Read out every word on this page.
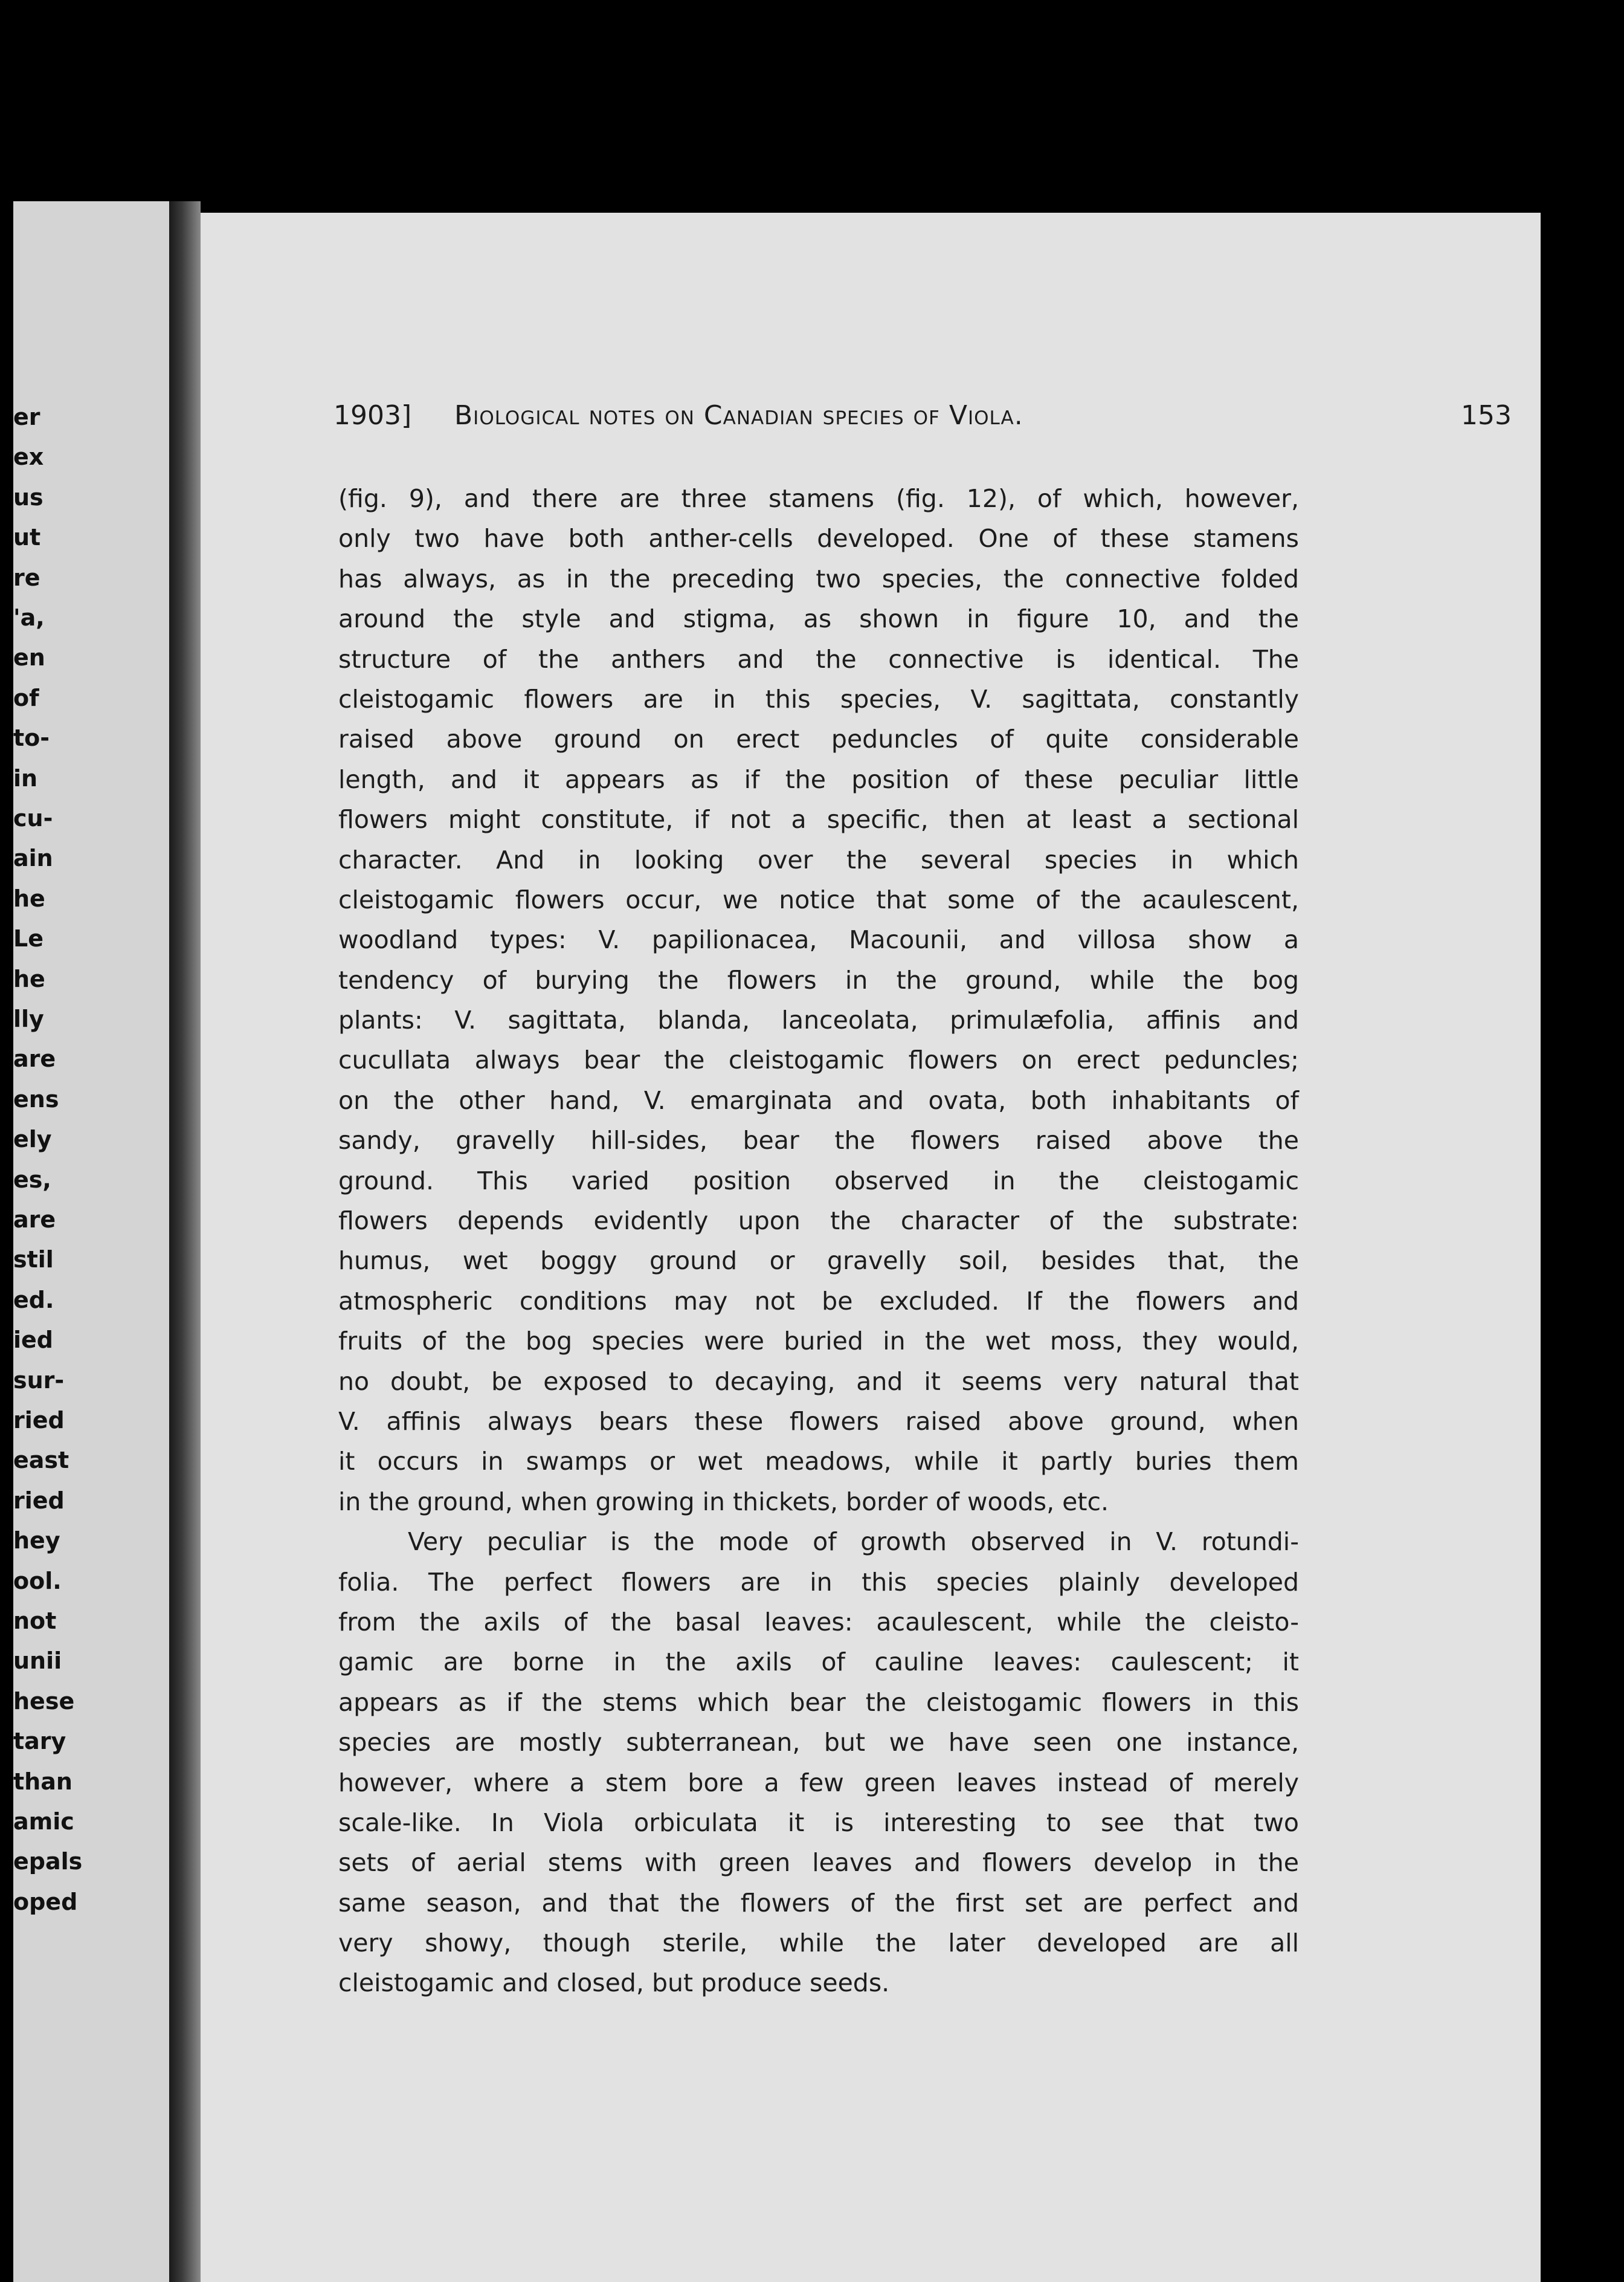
er
ex
us
ut
re
'a,
en
of
to-
in
cu-
ain
he
Le
he
lly
are
ens
ely
es,
are
stil
ed.
ied
sur-
ried
east
ried
hey
ool.
not
unii
hese
tary
than
amic
epals
oped
1903] Biological notes on Canadian species of Viola.	153
(fig. 9), and there are three stamens (fig. 12), of which, however,
only two have both anther-cells developed. One of these stamens
has always, as in the preceding two species, the connective folded
around the style and stigma, as shown in figure 10, and the
structure of the anthers and the connective is identical. The
cleistogamic flowers are in this species, V. sagittata, constantly
raised above ground on erect peduncles of quite considerable
length, and it appears as if the position of these peculiar little
flowers might constitute, if not a specific, then at least a sectional
character. And in looking over the several species in which
cleistogamic flowers occur, we notice that some of the acaulescent,
woodland types: V. papilionacea, Macounii, and villosa show a
tendency of burying the flowers in the ground, while the bog
plants: V. sagittata, blanda, lanceolata, primulæfolia, affinis and
cucullata always bear the cleistogamic flowers on erect peduncles;
on the other hand, V. emarginata and ovata, both inhabitants of
sandy, gravelly hill-sides, bear the flowers raised above the
ground. This varied position observed in the cleistogamic
flowers depends evidently upon the character of the substrate:
humus, wet boggy ground or gravelly soil, besides that, the
atmospheric conditions may not be excluded. If the flowers and
fruits of the bog species were buried in the wet moss, they would,
no doubt, be exposed to decaying, and it seems very natural that
V. affinis always bears these flowers raised above ground, when
it occurs in swamps or wet meadows, while it partly buries them
in the ground, when growing in thickets, border of woods, etc.
Very peculiar is the mode of growth observed in V. rotundi-
folia. The perfect flowers are in this species plainly developed
from the axils of the basal leaves: acaulescent, while the cleisto-
gamic are borne in the axils of cauline leaves: caulescent; it
appears as if the stems which bear the cleistogamic flowers in this
species are mostly subterranean, but we have seen one instance,
however, where a stem bore a few green leaves instead of merely
scale-like. In Viola orbiculata it is interesting to see that two
sets of aerial stems with green leaves and flowers develop in the
same season, and that the flowers of the first set are perfect and
very showy, though sterile, while the later developed are all
cleistogamic and closed, but produce seeds.
